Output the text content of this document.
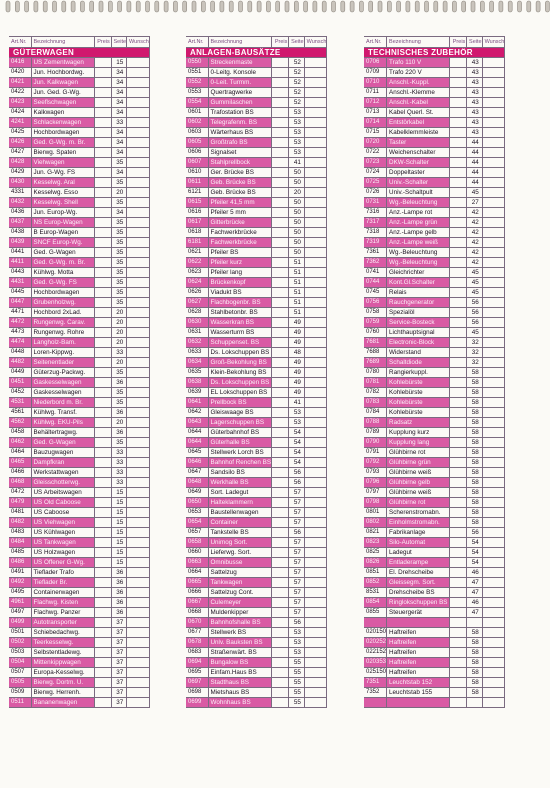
Art.Nr.	Bezeichnung	Preis	Seite	Wunsch
GÜTERWAGEN				
0416	US Zementwagen		15	
0420	Jun. Hochbordwg.		34	
0421	Jun. Kalkwagen		34	
0422	Jun. Ged. G-Wg.		34	
0423	Seeflschwagen		34	
0424	Kalkwagen		34	
4241	Schlackenwagen		33	
0425	Hochbordwagen		34	
0426	Ged. G-Wg. m. Br.		34	
0427	Bierwg. Spaten		34	
0428	Viehwagen		35	
0429	Jun. G-Wg. FS		34	
0430	Kesselwg. Aral		35	
4331	Kesselwg. Esso		20	
0432	Kesselwg. Shell		35	
0436	Jun. Europ-Wg.		34	
0437	NS Europ-Wagen		35	
0438	B Europ-Wagen		35	
0439	SNCF Europ-Wg.		35	
0441	Ged. G-Wagen		35	
4411	Ged. G-Wg. m. Br.		35	
0443	Kühlwg. Motta		35	
4431	Ged. G-Wg. FS		35	
0445	Hochbordwagen		35	
0447	Grubenholzwg.		35	
4471	Hochbord 2xLad.		20	
4472	Rungenwg. Carav.		20	
4473	Rungenwg. Rohre		20	
4474	Langholz-Bam.		20	
0448	Loren-Kippwg.		33	
4482	Seitenentlader		20	
0449	Güterzug-Packwg.		35	
0451	Gaskesselwagen		36	
0452	Gaskesselwagen		35	
4531	Niederbord m. Br.		35	
4561	Kühlwg. Transf.		36	
4562	Kühlwg. EKU-Pils		20	
0458	Behältertragwg.		36	
0462	Ged. G-Wagen		35	
0464	Bauzugwagen		33	
0465	Dampfkran		33	
0466	Werkstattwagen		33	
0468	Gleisschotterwg.		33	
0472	US Arbeitswagen		15	
0479	US Old Caboose		15	
0481	US Caboose		15	
0482	US Viehwagen		15	
0483	US Kühlwagen		15	
0484	US Tankwagen		15	
0485	US Holzwagen		15	
0486	US Offener G-Wg.		15	
0491	Tieflader Trafo		36	
0492	Tieflader Br.		36	
0495	Containerwagen		36	
4961	Flachwg. Kisten		36	
0497	Flachwg. Panzer		36	
0499	Autotransporter		37	
0501	Schiebedachwg.		37	
0502	Teerkesselwg.		37	
0503	Selbstentladewg.		37	
0504	Mittenkippwagen		37	
0507	Europa-Kesselwg.		37	
0505	Bierwg. Dortm. U.		37	
0509	Bierwg. Herrenh.		37	
0511	Bananenwagen		37	
Art.Nr.	Bezeichnung	Preis	Seite	Wunsch
ANLAGEN-BAUSÄTZE				
0550	Streckenmaste		52	
0551	0-Leitg. Konsole		52	
0552	0-Leit. Turmm.		52	
0553	Quertragwerke		52	
0554	Gummilaschen		52	
0601	Trafostation BS		53	
0602	Telegrafenm. BS		53	
0603	Wärterhaus BS		53	
0605	Großtrafo BS		53	
0606	Signalset		53	
0607	Stahlprellbock		41	
0610	Ger. Brücke BS		50	
0611	Geb. Brücke BS		50	
6121	Geb. Brücke BS		20	
0615	Pfeiler 41,5 mm		50	
0616	Pfeiler 5 mm		50	
0617	Gitterbrücke		50	
0618	Fachwerkbrücke		50	
6181	Fachwerkbrücke		50	
0621	Pfeiler BS		50	
0622	Pfeiler kurz		51	
0623	Pfeiler lang		51	
0624	Brückenkopf		51	
0626	Viadukt BS		51	
0627	Flachbogenbr. BS		51	
0628	Stahlbetonbr. BS		51	
0630	Wasserkran BS		49	
0631	Wasserturm BS		49	
0632	Schuppenset. BS		49	
0633	Ds. Lokschuppen BS		48	
0634	Groß-Bekohlung BS		49	
0635	Klein-Bekohlung BS		49	
0638	Ds. Lokschuppen BS		49	
0639	EL Lokschuppen BS		49	
0641	Prellbock BS		41	
0642	Gleiswaage BS		53	
0643	Lagerschuppen BS		53	
0644	Güterbahnhof BS		54	
0644	Güterhalle BS		54	
0645	Stellwerk Lorch BS		54	
0646	Bahnhof Renchen BS		54	
0647	Sandsilo BS		56	
0648	Werkhalle BS		56	
0649	Sort. Ladegut		57	
0650	Halteklammern		57	
0653	Baustellenwagen		57	
0654	Container		57	
0657	Tankstelle BS		56	
0658	Unimog Sort.		57	
0660	Lieferwg. Sort.		57	
0663	Omnibusse		57	
0664	Sattelzug		57	
0665	Tankwagen		57	
0666	Sattelzug Cont.		57	
0667	Culemeyer		57	
0668	Muldenkipper		57	
0670	Bahnhofshalle BS		56	
0677	Stellwerk BS		53	
0678	Unlv. Bauksten BS		53	
0683	Straßenwärt. BS		53	
0694	Bungalow BS		55	
0695	Einfam.Haus BS		55	
0697	Stadthaus BS		55	
0698	Mietshaus BS		55	
0699	Wohnhaus BS		55	
Art.Nr.	Bezeichnung	Preis	Seite	Wunsch
TECHNISCHES ZUBEHÖR				
0706	Trafo 110 V		43	
0709	Trafo 220 V		43	
0710	Anschl.-Kuppl.		43	
0711	Anschl.-Klemme		43	
0712	Anschl.-Kabel		43	
0713	Kabel Querl. St.		43	
0714	Entstörkabel		43	
0715	Kabelklemmleiste		43	
0720	Taster		44	
0722	Weichenschalter		44	
0723	DKW-Schalter		44	
0724	Doppeltaster		44	
0725	Univ.-Schalter		44	
0726	Univ.-Schaltpult		45	
0731	Wg.-Beleuchtung		27	
7316	Anz.-Lampe rot		42	
7317	Anz.-Lampe grün		42	
7318	Anz.-Lampe gelb		42	
7319	Anz.-Lampe weiß		42	
7361	Wg.-Beleuchtung		42	
7362	Wg.-Beleuchtung		42	
0741	Gleichrichter		45	
0744	Kont.Gl.Schalter		45	
0745	Relais		45	
0756	Rauchgenerator		56	
0758	Spezialöl		56	
0759	Service-Bosteck		56	
0760	Lichthauptsignal		45	
7681	Electronic-Block		32	
7688	Widerstand		32	
7689	Schaltdiode		32	
0780	Rangierkuppl.		58	
0781	Kohlebürste		58	
0782	Kohlebürste		58	
0783	Kohlebürste		58	
0784	Kohlebürste		58	
0788	Radsatz		58	
0789	Kupplung kurz		58	
0790	Kupplung lang		58	
0791	Glühbirne rot		58	
0792	Glühbirne grün		58	
0793	Glühbirne weiß		58	
0796	Glühbirne gelb		58	
0797	Glühbirne weiß		58	
0798	Glühbirne rot		58	
0801	Scherenstromabn.		58	
0802	Einholmstromabn.		58	
0821	Fabrikanlage		56	
0823	Silo-Automat		54	
0825	Ladegut		54	
0826	Entladerampe		54	
0851	El. Drehscheibe		46	
0852	Gleissegm. Sort.		47	
8531	Drehscheibe BS		47	
0854	Ringlokschuppen BS		46	
0855	Steuergerät		47	

020150	Haftreifen		58	
020252	Haftreifen		58	
022152	Haftreifen		58	
020353	Haftreifen		58	
025150	Haftreifen		58	
7351	Leuchtstab 152		58	
7352	Leuchtstab 155		58	
